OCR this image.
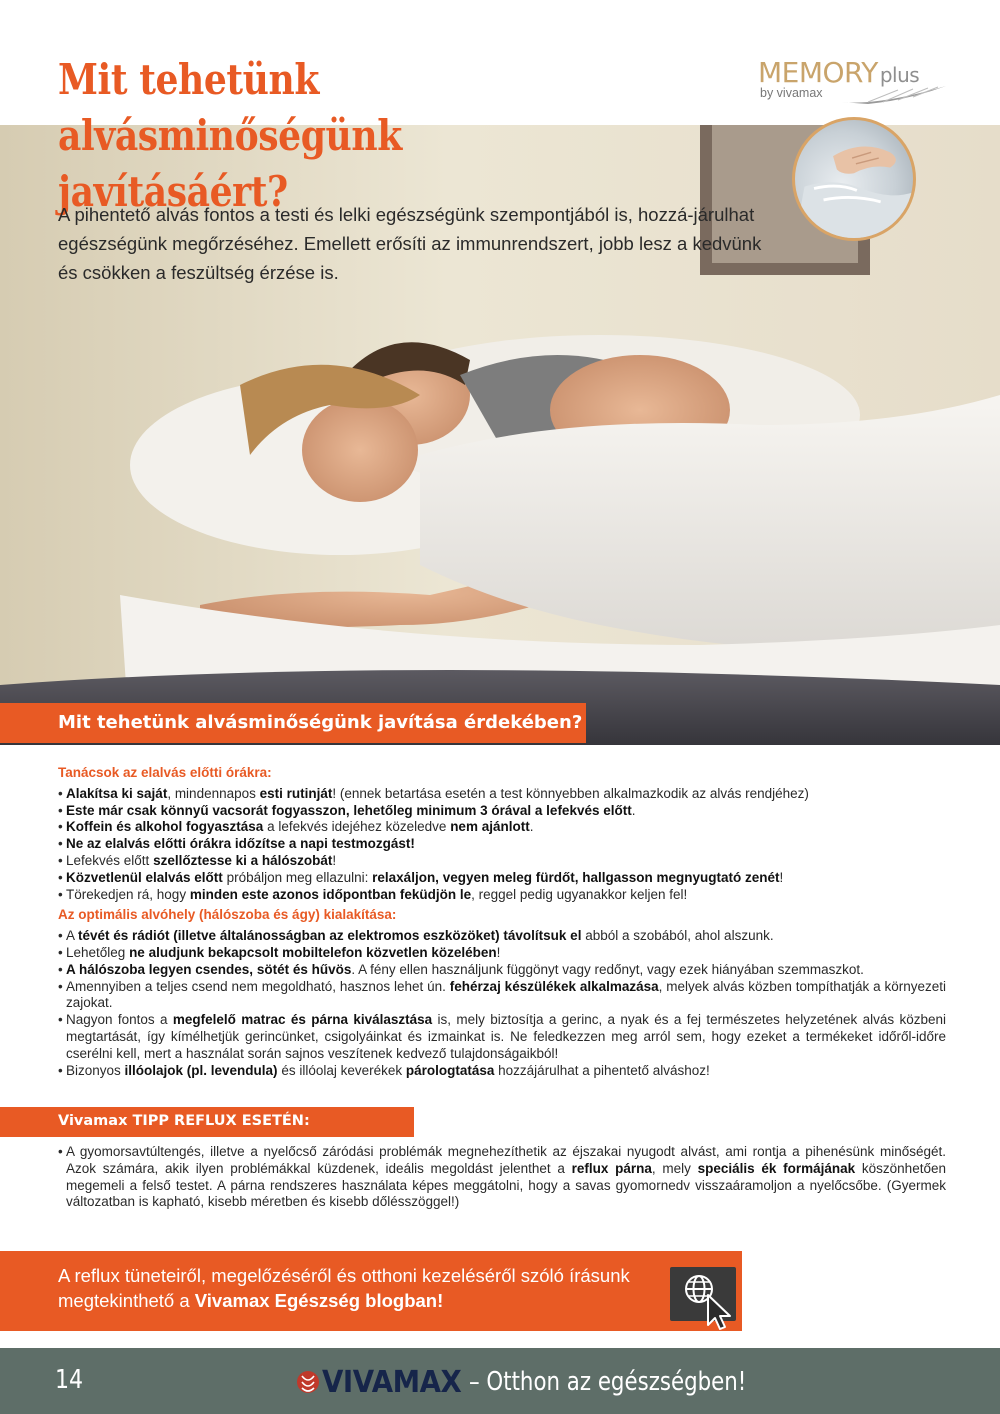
Mit tehetünk
alvásminőségünk javításáért?

A pihentető alvás fontos a testi és lelki egészségünk szempontjából is, hozzá-járulhat egészségünk megőrzéséhez. Emellett erősíti az immunrendszert, jobb lesz a kedvünk és csökken a feszültség érzése is.

MEMORY plus
by vivamax
Mit tehetünk alvásminőségünk javítása érdekében?
Tanácsok az elalvás előtti órákra:
• Alakítsa ki saját, mindennapos esti rutinját! (ennek betartása esetén a test könnyebben alkalmazkodik az alvás rendjéhez)
• Este már csak könnyű vacsorát fogyasszon, lehetőleg minimum 3 órával a lefekvés előtt.
• Koffein és alkohol fogyasztása a lefekvés idejéhez közeledve nem ajánlott.
• Ne az elalvás előtti órákra időzítse a napi testmozgást!
• Lefekvés előtt szellőztesse ki a hálószobát!
• Közvetlenül elalvás előtt próbáljon meg ellazulni: relaxáljon, vegyen meleg fürdőt, hallgasson megnyugtató zenét!
• Törekedjen rá, hogy minden este azonos időpontban feküdjön le, reggel pedig ugyanakkor keljen fel!
Az optimális alvóhely (hálószoba és ágy) kialakítása:
• A tévét és rádiót (illetve általánosságban az elektromos eszközöket) távolítsuk el abból a szobából, ahol alszunk.
• Lehetőleg ne aludjunk bekapcsolt mobiltelefon közvetlen közelében!
• A hálószoba legyen csendes, sötét és hűvös. A fény ellen használjunk függönyt vagy redőnyt, vagy ezek hiányában szemmaszkot.
• Amennyiben a teljes csend nem megoldható, hasznos lehet ún. fehérzaj készülékek alkalmazása, melyek alvás közben tompíthatják a környezeti zajokat.
• Nagyon fontos a megfelelő matrac és párna kiválasztása is, mely biztosítja a gerinc, a nyak és a fej természetes helyzetének alvás közbeni megtartását, így kímélhetjük gerincünket, csigolyáinkat és izmainkat is. Ne feledkezzen meg arról sem, hogy ezeket a termékeket időről-időre cserélni kell, mert a használat során sajnos veszítenek kedvező tulajdonságaikból!
• Bizonyos illóolajok (pl. levendula) és illóolaj keverékek párologtatása hozzájárulhat a pihentető alváshoz!
Vivamax TIPP REFLUX ESETÉN:
• A gyomorsavtúltengés, illetve a nyelőcső záródási problémák megnehezíthetik az éjszakai nyugodt alvást, ami rontja a pihenésünk minőségét. Azok számára, akik ilyen problémákkal küzdenek, ideális megoldást jelenthet a reflux párna, mely speciális ék formájának köszönhetően megemeli a felső testet. A párna rendszeres használata képes meggátolni, hogy a savas gyomornedv visszaáramoljon a nyelőcsőbe. (Gyermek változatban is kapható, kisebb méretben és kisebb dőlésszöggel!)
A reflux tüneteiről, megelőzéséről és otthoni kezeléséről szóló írásunk
megtekinthető a Vivamax Egészség blogban!
14	VIVAMAX – Otthon az egészségben!
